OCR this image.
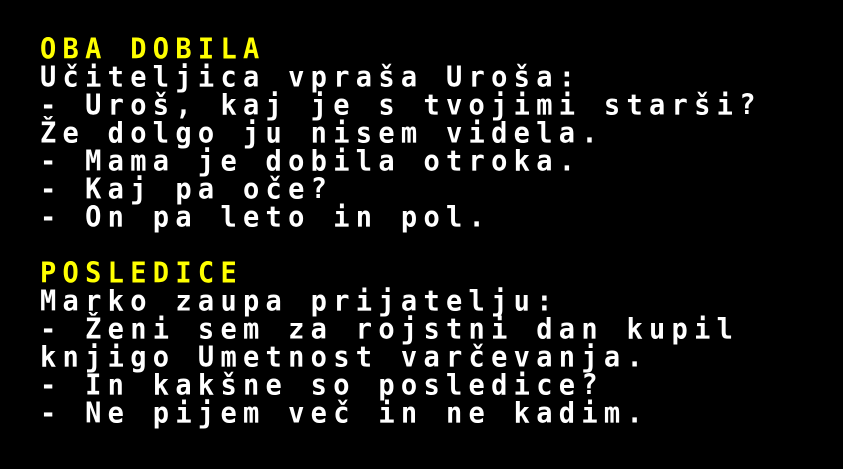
OBA DOBILA
Učiteljica vpraša Uroša:
- Uroš, kaj je s tvojimi starši?
Že dolgo ju nisem videla.
- Mama je dobila otroka.
- Kaj pa oče?
- On pa leto in pol.
POSLEDICE
Marko zaupa prijatelju:
- Ženi sem za rojstni dan kupil
knjigo Umetnost varčevanja.
- In kakšne so posledice?
- Ne pijem več in ne kadim.
